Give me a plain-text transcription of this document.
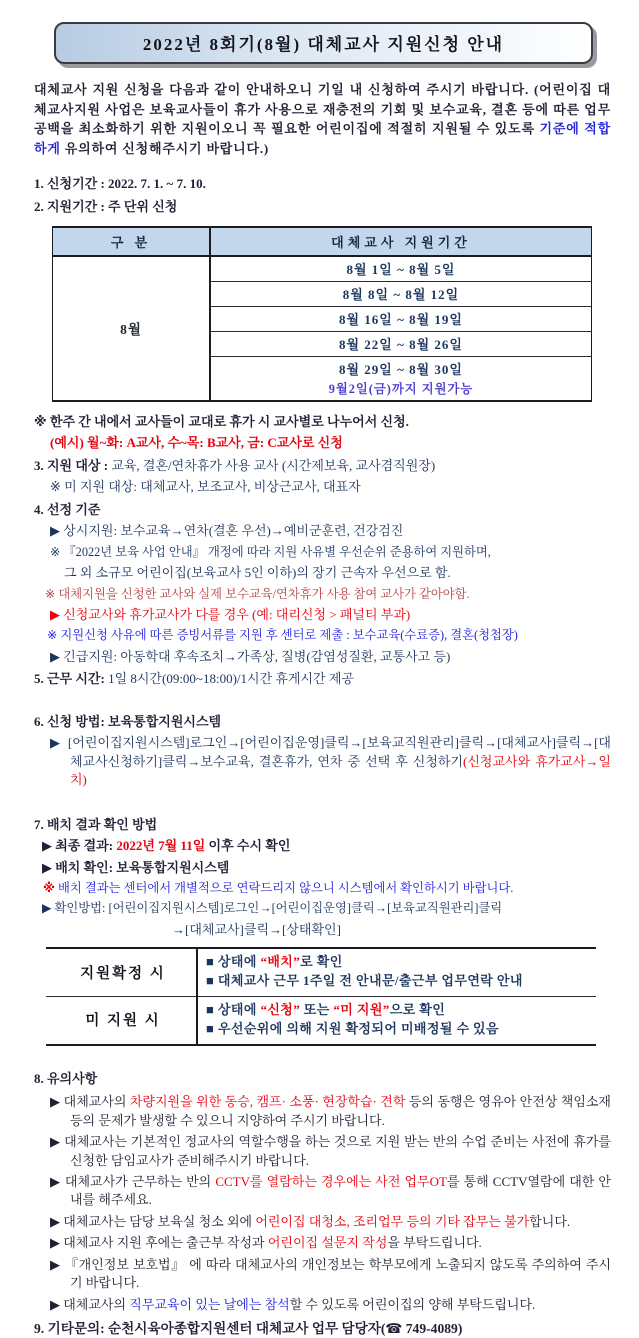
2022년 8회기(8월) 대체교사 지원신청 안내
대체교사 지원 신청을 다음과 같이 안내하오니 기일 내 신청하여 주시기 바랍니다. (어린이집 대체교사지원 사업은 보육교사들이 휴가 사용으로 재충전의 기회 및 보수교육, 결혼 등에 따른 업무공백을 최소화하기 위한 지원이오니 꼭 필요한 어린이집에 적절히 지원될 수 있도록 기준에 적합하게 유의하여 신청해주시기 바랍니다.)
1. 신청기간 : 2022. 7. 1. ~ 7. 10.
2. 지원기간 : 주 단위 신청
구 분	대체교사 지원기간
8월	8월 1일 ~ 8월 5일

	8월 8일 ~ 8월 12일

	8월 16일 ~ 8월 19일

	8월 22일 ~ 8월 26일

	8월 29일 ~ 8월 30일
9월2일(금)까지 지원가능
※ 한주 간 내에서 교사들이 교대로 휴가 시 교사별로 나누어서 신청.
(예시) 월~화: A교사, 수~목: B교사, 금: C교사로 신청
3. 지원 대상 : 교육, 결혼/연차휴가 사용 교사 (시간제보육, 교사겸직원장)
※ 미 지원 대상: 대체교사, 보조교사, 비상근교사, 대표자
4. 선정 기준
▶ 상시지원: 보수교육→연차(결혼 우선)→예비군훈련, 건강검진
※ 『2022년 보육 사업 안내』 개정에 따라 지원 사유별 우선순위 준용하여 지원하며,
그 외 소규모 어린이집(보육교사 5인 이하)의 장기 근속자 우선으로 함.
※ 대체지원을 신청한 교사와 실제 보수교육/연차휴가 사용 참여 교사가 같아야함.
▶ 신청교사와 휴가교사가 다를 경우 (예: 대리신청 > 패널티 부과)
※ 지원신청 사유에 따른 증빙서류를 지원 후 센터로 제출 : 보수교육(수료증), 결혼(청첩장)
▶ 긴급지원: 아동학대 후속조치→가족상, 질병(감염성질환, 교통사고 등)
5. 근무 시간: 1일 8시간(09:00~18:00)/1시간 휴게시간 제공
6. 신청 방법: 보육통합지원시스템
▶ [어린이집지원시스템]로그인→[어린이집운영]클릭→[보육교직원관리]클릭→[대체교사]클릭→[대체교사신청하기]클릭→보수교육, 결혼휴가, 연차 중 선택 후 신청하기(신청교사와 휴가교사→일치)
7. 배치 결과 확인 방법
▶ 최종 결과: 2022년 7월 11일 이후 수시 확인
▶ 배치 확인: 보육통합지원시스템
※ 배치 결과는 센터에서 개별적으로 연락드리지 않으니 시스템에서 확인하시기 바랍니다.
▶ 확인방법: [어린이집지원시스템]로그인→[어린이집운영]클릭→[보육교직원관리]클릭
→[대체교사]클릭→[상태확인]
지원확정 시	■ 상태에 “배치”로 확인
■ 대체교사 근무 1주일 전 안내문/출근부 업무연락 안내

미 지원 시	■ 상태에 “신청” 또는 “미 지원”으로 확인
■ 우선순위에 의해 지원 확정되어 미배정될 수 있음
8. 유의사항
▶ 대체교사의 차량지원을 위한 동승, 캠프· 소풍· 현장학습· 견학 등의 동행은 영유아 안전상 책임소재 등의 문제가 발생할 수 있으니 지양하여 주시기 바랍니다.
▶ 대체교사는 기본적인 정교사의 역할수행을 하는 것으로 지원 받는 반의 수업 준비는 사전에 휴가를 신청한 담임교사가 준비해주시기 바랍니다.
▶ 대체교사가 근무하는 반의 CCTV를 열람하는 경우에는 사전 업무OT를 통해 CCTV열람에 대한 안내를 해주세요.
▶ 대체교사는 담당 보육실 청소 외에 어린이집 대청소, 조리업무 등의 기타 잡무는 불가합니다.
▶ 대체교사 지원 후에는 출근부 작성과 어린이집 설문지 작성을 부탁드립니다.
▶ 『개인정보 보호법』 에 따라 대체교사의 개인정보는 학부모에게 노출되지 않도록 주의하여 주시기 바랍니다.
▶ 대체교사의 직무교육이 있는 날에는 참석할 수 있도록 어린이집의 양해 부탁드립니다.
9. 기타문의: 순천시육아종합지원센터 대체교사 업무 담당자(☎ 749-4089)
